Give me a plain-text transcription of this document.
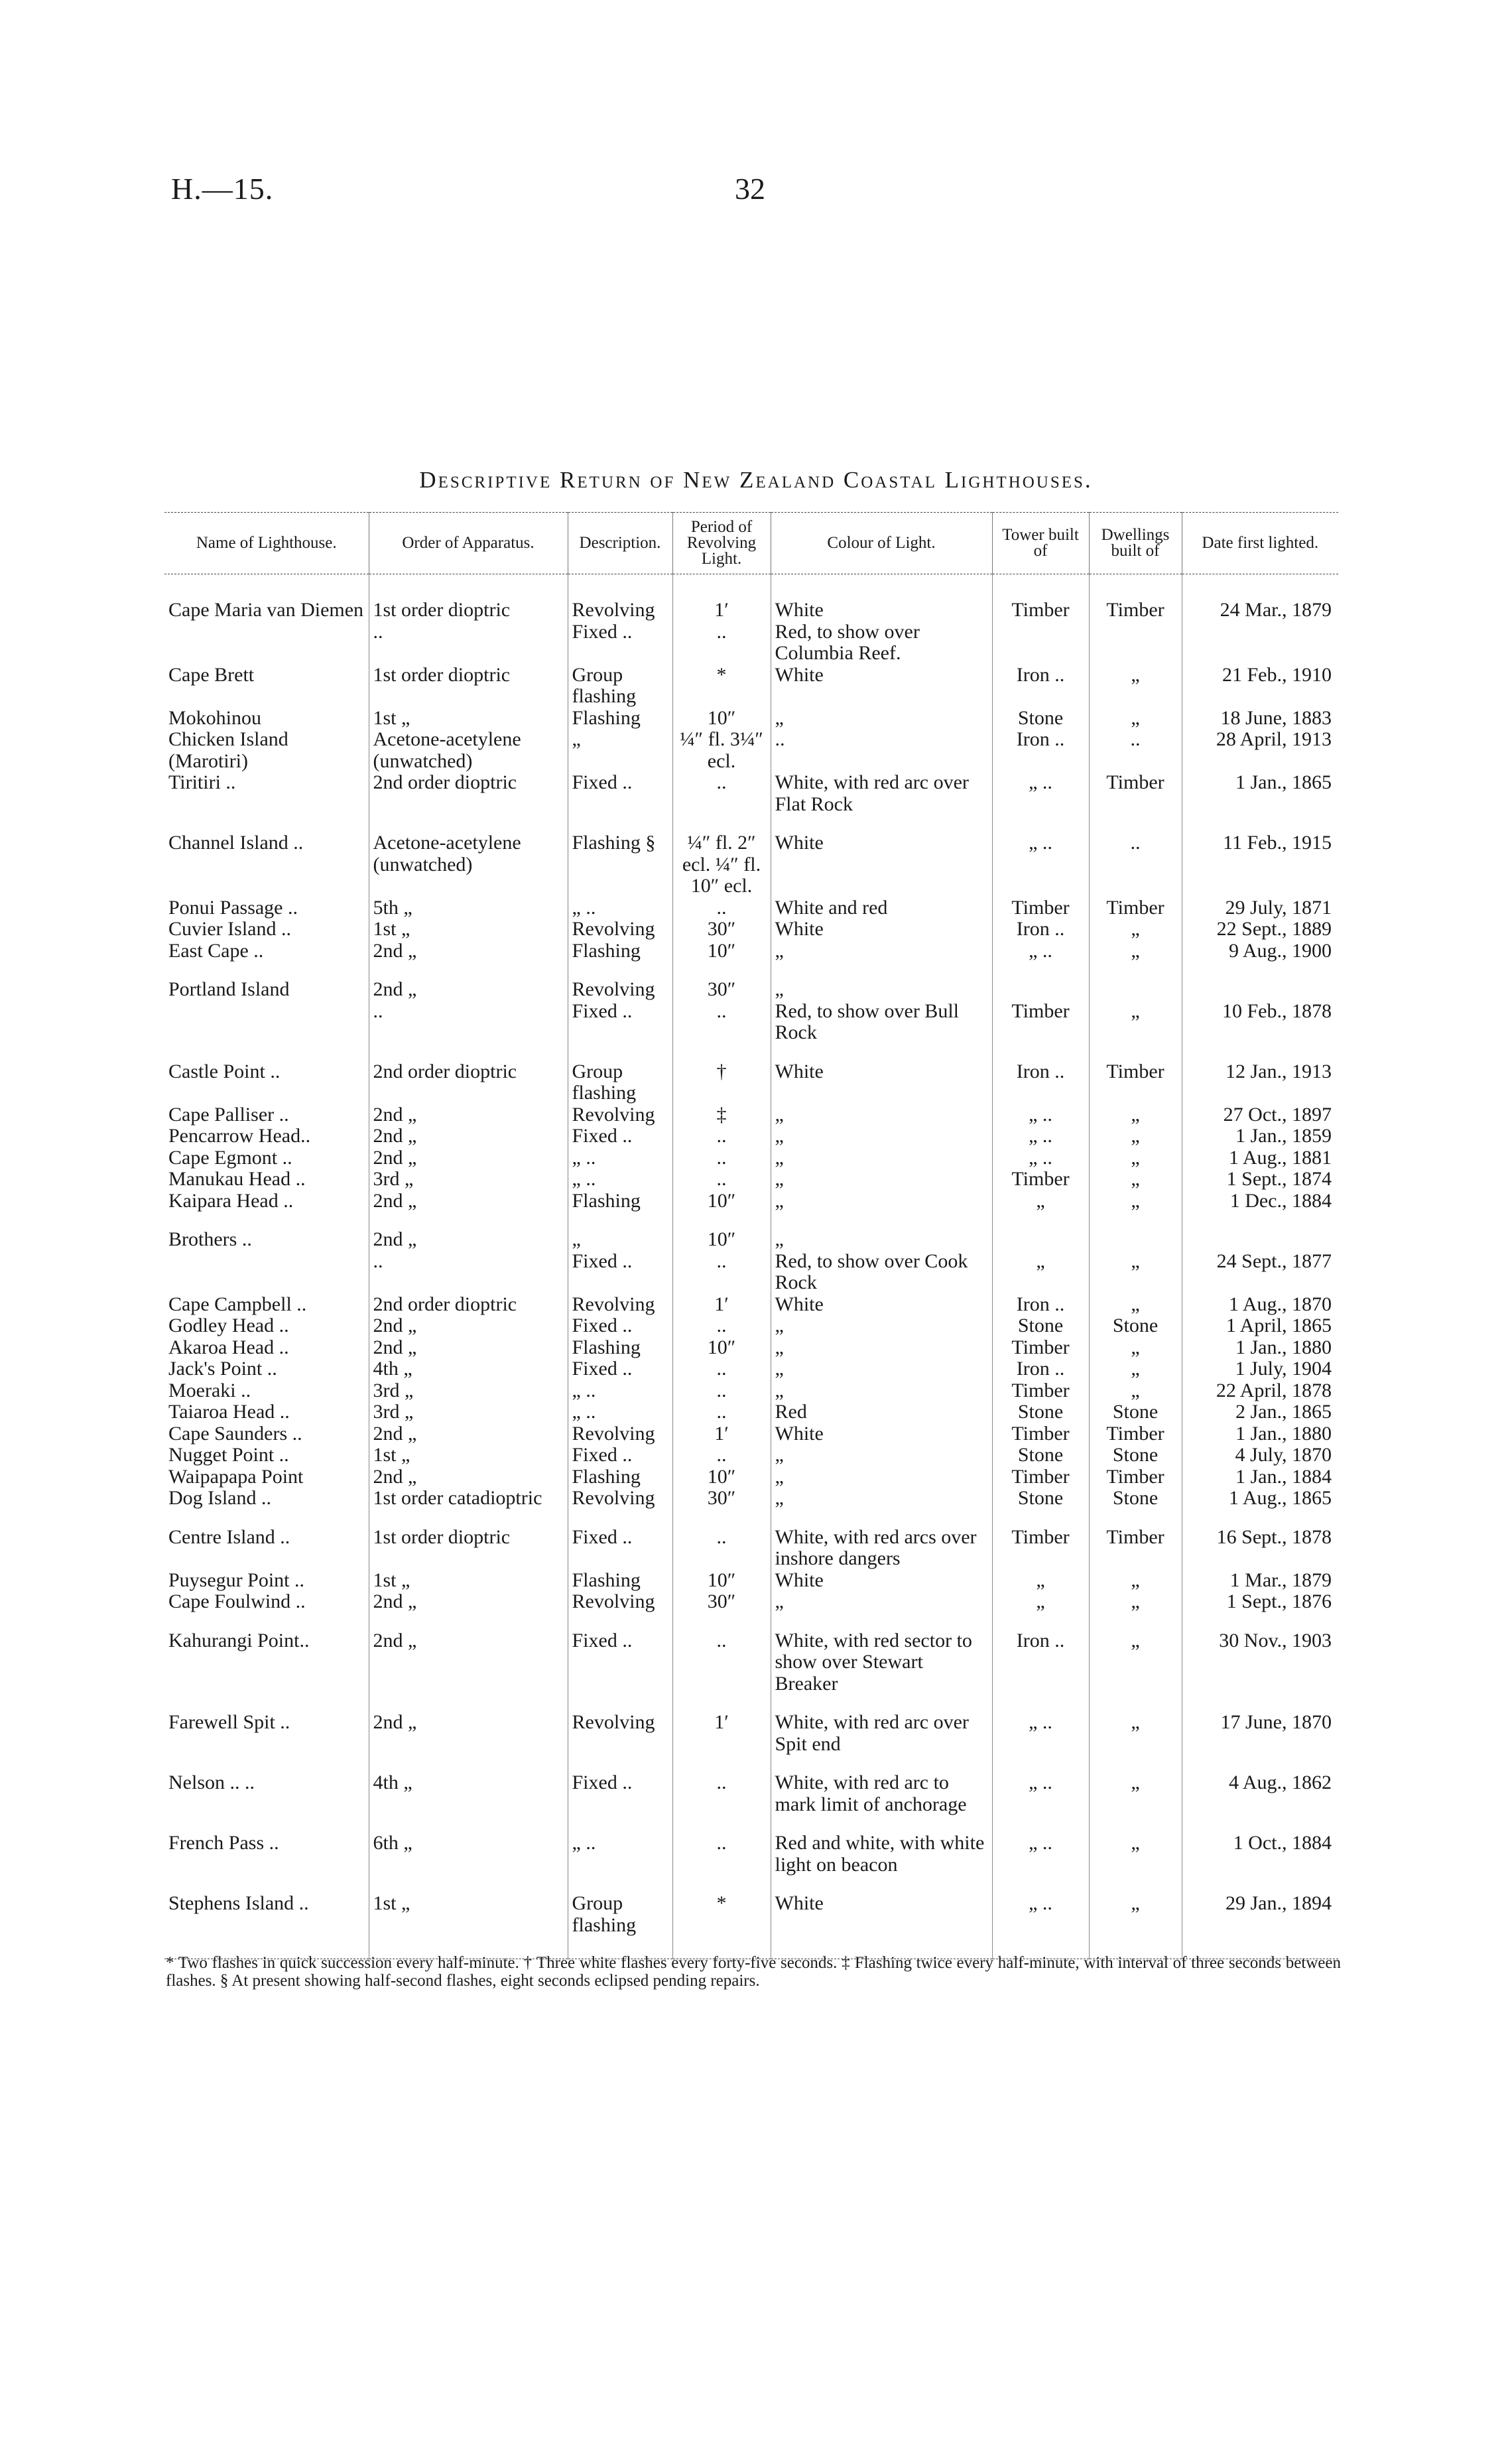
H.—15.	32
Descriptive Return of New Zealand Coastal Lighthouses.
Name of Lighthouse.	Order of Apparatus.	Description.	Period of Revolving Light.	Colour of Light.	Tower built of	Dwellings built of	Date first lighted.
Cape Maria van Diemen	1st order dioptric	Revolving	1′	White	Timber	Timber	24 Mar., 1879
	..	Fixed ..	..	Red, to show over Columbia Reef.			
Cape Brett	1st order dioptric	Group flashing	*	White	Iron ..	„	21 Feb., 1910
Mokohinou	1st „	Flashing	10″	„	Stone	„	18 June, 1883
Chicken Island (Marotiri)	Acetone-acetylene (unwatched)	„	¼″ fl. 3¼″ ecl.	..	Iron ..	..	28 April, 1913
Tiritiri ..	2nd order dioptric	Fixed ..	..	White, with red arc over Flat Rock	„ ..	Timber	1 Jan., 1865
Channel Island ..	Acetone-acetylene (unwatched)	Flashing §	¼″ fl. 2″ ecl. ¼″ fl. 10″ ecl.	White	„ ..	..	11 Feb., 1915
Ponui Passage ..	5th „	„ ..	..	White and red	Timber	Timber	29 July, 1871
Cuvier Island ..	1st „	Revolving	30″	White	Iron ..	„	22 Sept., 1889
East Cape ..	2nd „	Flashing	10″	„	„ ..	„	9 Aug., 1900
Portland Island	2nd „	Revolving	30″	„			
	..	Fixed ..	..	Red, to show over Bull Rock	Timber	„	10 Feb., 1878
Castle Point ..	2nd order dioptric	Group flashing	†	White	Iron ..	Timber	12 Jan., 1913
Cape Palliser ..	2nd „	Revolving	‡	„	„ ..	„	27 Oct., 1897
Pencarrow Head..	2nd „	Fixed ..	..	„	„ ..	„	1 Jan., 1859
Cape Egmont ..	2nd „	„ ..	..	„	„ ..	„	1 Aug., 1881
Manukau Head ..	3rd „	„ ..	..	„	Timber	„	1 Sept., 1874
Kaipara Head ..	2nd „	Flashing	10″	„	„	„	1 Dec., 1884
Brothers ..	2nd „	„	10″	„			
	..	Fixed ..	..	Red, to show over Cook Rock	„	„	24 Sept., 1877
Cape Campbell ..	2nd order dioptric	Revolving	1′	White	Iron ..	„	1 Aug., 1870
Godley Head ..	2nd „	Fixed ..	..	„	Stone	Stone	1 April, 1865
Akaroa Head ..	2nd „	Flashing	10″	„	Timber	„	1 Jan., 1880
Jack's Point ..	4th „	Fixed ..	..	„	Iron ..	„	1 July, 1904
Moeraki ..	3rd „	„ ..	..	„	Timber	„	22 April, 1878
Taiaroa Head ..	3rd „	„ ..	..	Red	Stone	Stone	2 Jan., 1865
Cape Saunders ..	2nd „	Revolving	1′	White	Timber	Timber	1 Jan., 1880
Nugget Point ..	1st „	Fixed ..	..	„	Stone	Stone	4 July, 1870
Waipapapa Point	2nd „	Flashing	10″	„	Timber	Timber	1 Jan., 1884
Dog Island ..	1st order catadioptric	Revolving	30″	„	Stone	Stone	1 Aug., 1865
Centre Island ..	1st order dioptric	Fixed ..	..	White, with red arcs over inshore dangers	Timber	Timber	16 Sept., 1878
Puysegur Point ..	1st „	Flashing	10″	White	„	„	1 Mar., 1879
Cape Foulwind ..	2nd „	Revolving	30″	„	„	„	1 Sept., 1876
Kahurangi Point..	2nd „	Fixed ..	..	White, with red sector to show over Stewart Breaker	Iron ..	„	30 Nov., 1903
Farewell Spit ..	2nd „	Revolving	1′	White, with red arc over Spit end	„ ..	„	17 June, 1870
Nelson .. ..	4th „	Fixed ..	..	White, with red arc to mark limit of anchorage	„ ..	„	4 Aug., 1862
French Pass ..	6th „	„ ..	..	Red and white, with white light on beacon	„ ..	„	1 Oct., 1884
Stephens Island ..	1st „	Group flashing	*	White	„ ..	„	29 Jan., 1894
* Two flashes in quick succession every half-minute. † Three white flashes every forty-five seconds. ‡ Flashing twice every half-minute, with interval of three seconds between flashes. § At present showing half-second flashes, eight seconds eclipsed pending repairs.
